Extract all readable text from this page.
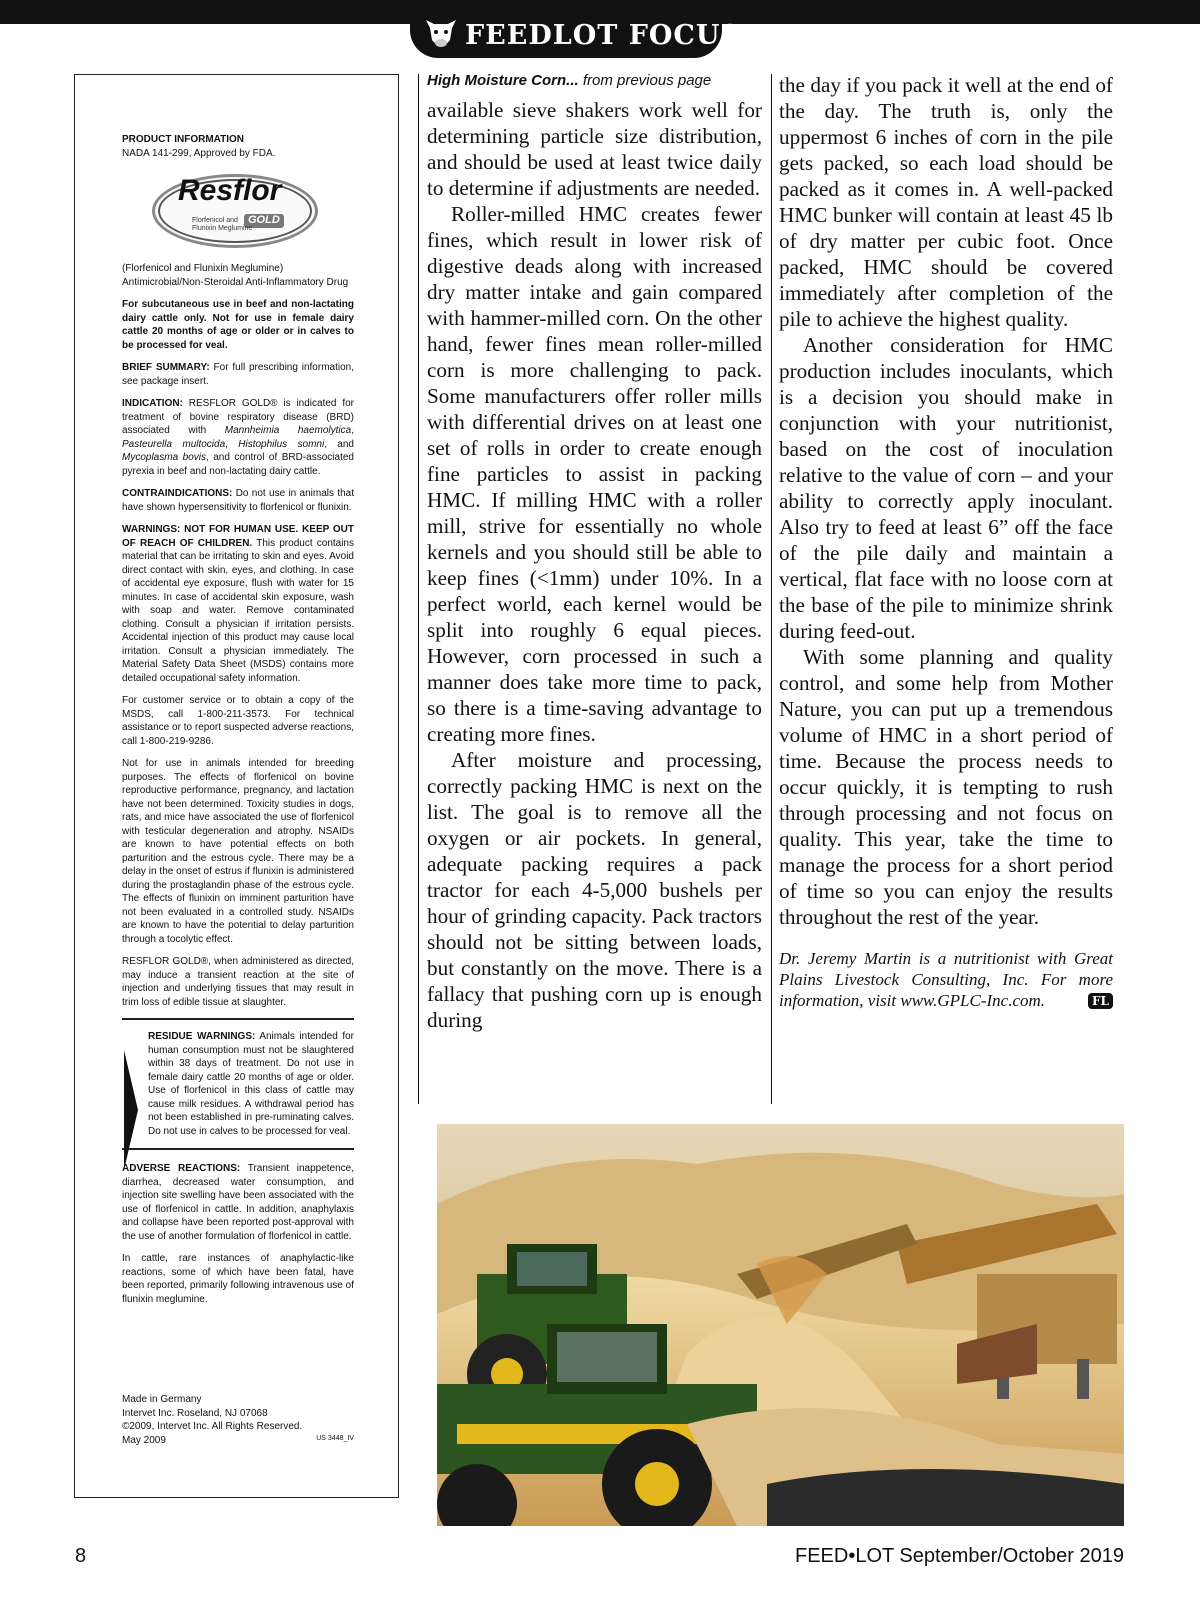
FEEDLOT FOCUS
PRODUCT INFORMATION
NADA 141-299, Approved by FDA.
Resflor
GOLD
Florfenicol and
Flunixin Meglumine

(Florfenicol and Flunixin Meglumine)
Antimicrobial/Non-Steroidal Anti-Inflammatory Drug

For subcutaneous use in beef and non-lactating dairy cattle only. Not for use in female dairy cattle 20 months of age or older or in calves to be processed for veal.

BRIEF SUMMARY: For full prescribing information, see package insert.

INDICATION: RESFLOR GOLD® is indicated for treatment of bovine respiratory disease (BRD) associated with Mannheimia haemolytica, Pasteurella multocida, Histophilus somni, and Mycoplasma bovis, and control of BRD-associated pyrexia in beef and non-lactating dairy cattle.

CONTRAINDICATIONS: Do not use in animals that have shown hypersensitivity to florfenicol or flunixin.

WARNINGS: NOT FOR HUMAN USE. KEEP OUT OF REACH OF CHILDREN. This product contains material that can be irritating to skin and eyes. Avoid direct contact with skin, eyes, and clothing. In case of accidental eye exposure, flush with water for 15 minutes. In case of accidental skin exposure, wash with soap and water. Remove contaminated clothing. Consult a physician if irritation persists. Accidental injection of this product may cause local irritation. Consult a physician immediately. The Material Safety Data Sheet (MSDS) contains more detailed occupational safety information.

For customer service or to obtain a copy of the MSDS, call 1-800-211-3573. For technical assistance or to report suspected adverse reactions, call 1-800-219-9286.

Not for use in animals intended for breeding purposes. The effects of florfenicol on bovine reproductive performance, pregnancy, and lactation have not been determined. Toxicity studies in dogs, rats, and mice have associated the use of florfenicol with testicular degeneration and atrophy. NSAIDs are known to have potential effects on both parturition and the estrous cycle. There may be a delay in the onset of estrus if flunixin is administered during the prostaglandin phase of the estrous cycle. The effects of flunixin on imminent parturition have not been evaluated in a controlled study. NSAIDs are known to have the potential to delay parturition through a tocolytic effect.

RESFLOR GOLD®, when administered as directed, may induce a transient reaction at the site of injection and underlying tissues that may result in trim loss of edible tissue at slaughter.

RESIDUE WARNINGS: Animals intended for human consumption must not be slaughtered within 38 days of treatment. Do not use in female dairy cattle 20 months of age or older. Use of florfenicol in this class of cattle may cause milk residues. A withdrawal period has not been established in pre-ruminating calves. Do not use in calves to be processed for veal.

ADVERSE REACTIONS: Transient inappetence, diarrhea, decreased water consumption, and injection site swelling have been associated with the use of florfenicol in cattle. In addition, anaphylaxis and collapse have been reported post-approval with the use of another formulation of florfenicol in cattle.

In cattle, rare instances of anaphylactic-like reactions, some of which have been fatal, have been reported, primarily following intravenous use of flunixin meglumine.

Made in Germany

Intervet Inc. Roseland, NJ 07068

©2009, Intervet Inc. All Rights Reserved.

May 2009	US 3448_IV
High Moisture Corn... from previous page

available sieve shakers work well for determining particle size distribution, and should be used at least twice daily to determine if adjustments are needed.

Roller-milled HMC creates fewer fines, which result in lower risk of digestive deads along with increased dry matter intake and gain compared with hammer-milled corn. On the other hand, fewer fines mean roller-milled corn is more challenging to pack. Some manufacturers offer roller mills with differential drives on at least one set of rolls in order to create enough fine particles to assist in packing HMC. If milling HMC with a roller mill, strive for essentially no whole kernels and you should still be able to keep fines (<1mm) under 10%. In a perfect world, each kernel would be split into roughly 6 equal pieces. However, corn processed in such a manner does take more time to pack, so there is a time-saving advantage to creating more fines.

After moisture and processing, correctly packing HMC is next on the list. The goal is to remove all the oxygen or air pockets. In general, adequate packing requires a pack tractor for each 4-5,000 bushels per hour of grinding capacity. Pack tractors should not be sitting between loads, but constantly on the move. There is a fallacy that pushing corn up is enough during

the day if you pack it well at the end of the day. The truth is, only the uppermost 6 inches of corn in the pile gets packed, so each load should be packed as it comes in. A well-packed HMC bunker will contain at least 45 lb of dry matter per cubic foot. Once packed, HMC should be covered immediately after completion of the pile to achieve the highest quality.

Another consideration for HMC production includes inoculants, which is a decision you should make in conjunction with your nutritionist, based on the cost of inoculation relative to the value of corn – and your ability to correctly apply inoculant. Also try to feed at least 6” off the face of the pile daily and maintain a vertical, flat face with no loose corn at the base of the pile to minimize shrink during feed-out.

With some planning and quality control, and some help from Mother Nature, you can put up a tremendous volume of HMC in a short period of time. Because the process needs to occur quickly, it is tempting to rush through processing and not focus on quality. This year, take the time to manage the process for a short period of time so you can enjoy the results throughout the rest of the year.

Dr. Jeremy Martin is a nutritionist with Great Plains Livestock Consulting, Inc. For more information, visit www.GPLC-Inc.com.	FL

8	FEED•LOT September/October 2019
